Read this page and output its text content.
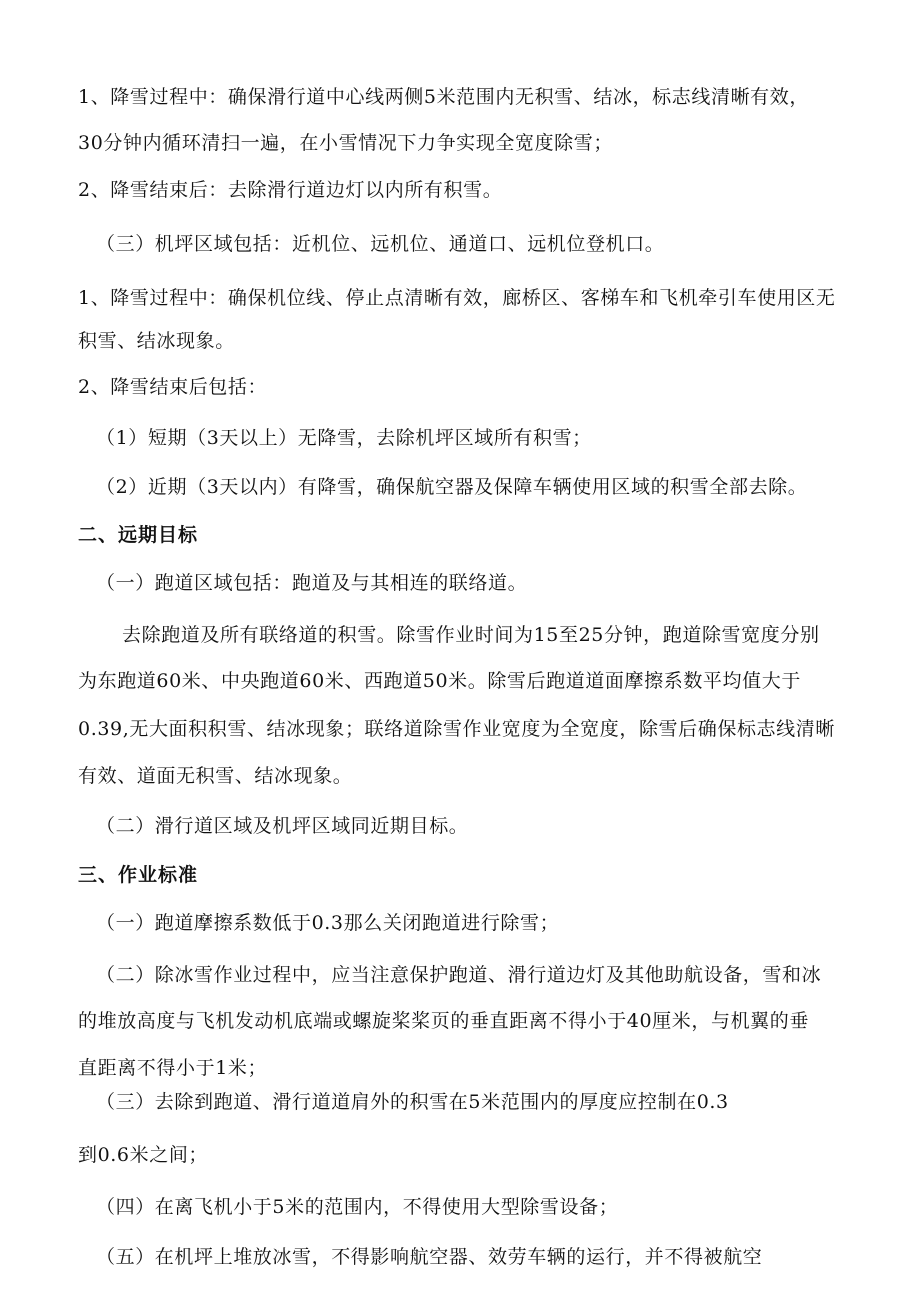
1、降雪过程中：确保滑行道中心线两侧5米范围内无积雪、结冰，标志线清晰有效，
30分钟内循环清扫一遍，在小雪情况下力争实现全宽度除雪；
2、降雪结束后：去除滑行道边灯以内所有积雪。
（三）机坪区域包括：近机位、远机位、通道口、远机位登机口。
1、降雪过程中：确保机位线、停止点清晰有效，廊桥区、客梯车和飞机牵引车使用区无
积雪、结冰现象。
2、降雪结束后包括：
（1）短期（3天以上）无降雪，去除机坪区域所有积雪；
（2）近期（3天以内）有降雪，确保航空器及保障车辆使用区域的积雪全部去除。
二、远期目标
（一）跑道区域包括：跑道及与其相连的联络道。
去除跑道及所有联络道的积雪。除雪作业时间为15至25分钟，跑道除雪宽度分别
为东跑道60米、中央跑道60米、西跑道50米。除雪后跑道道面摩擦系数平均值大于
0.39,无大面积积雪、结冰现象；联络道除雪作业宽度为全宽度，除雪后确保标志线清晰
有效、道面无积雪、结冰现象。
（二）滑行道区域及机坪区域同近期目标。
三、作业标准
（一）跑道摩擦系数低于0.3那么关闭跑道进行除雪；
（二）除冰雪作业过程中，应当注意保护跑道、滑行道边灯及其他助航设备，雪和冰
的堆放高度与飞机发动机底端或螺旋桨桨页的垂直距离不得小于40厘米，与机翼的垂
直距离不得小于1米；
（三）去除到跑道、滑行道道肩外的积雪在5米范围内的厚度应控制在0.3
到0.6米之间；
（四）在离飞机小于5米的范围内，不得使用大型除雪设备；
（五）在机坪上堆放冰雪，不得影响航空器、效劳车辆的运行，并不得被航空
